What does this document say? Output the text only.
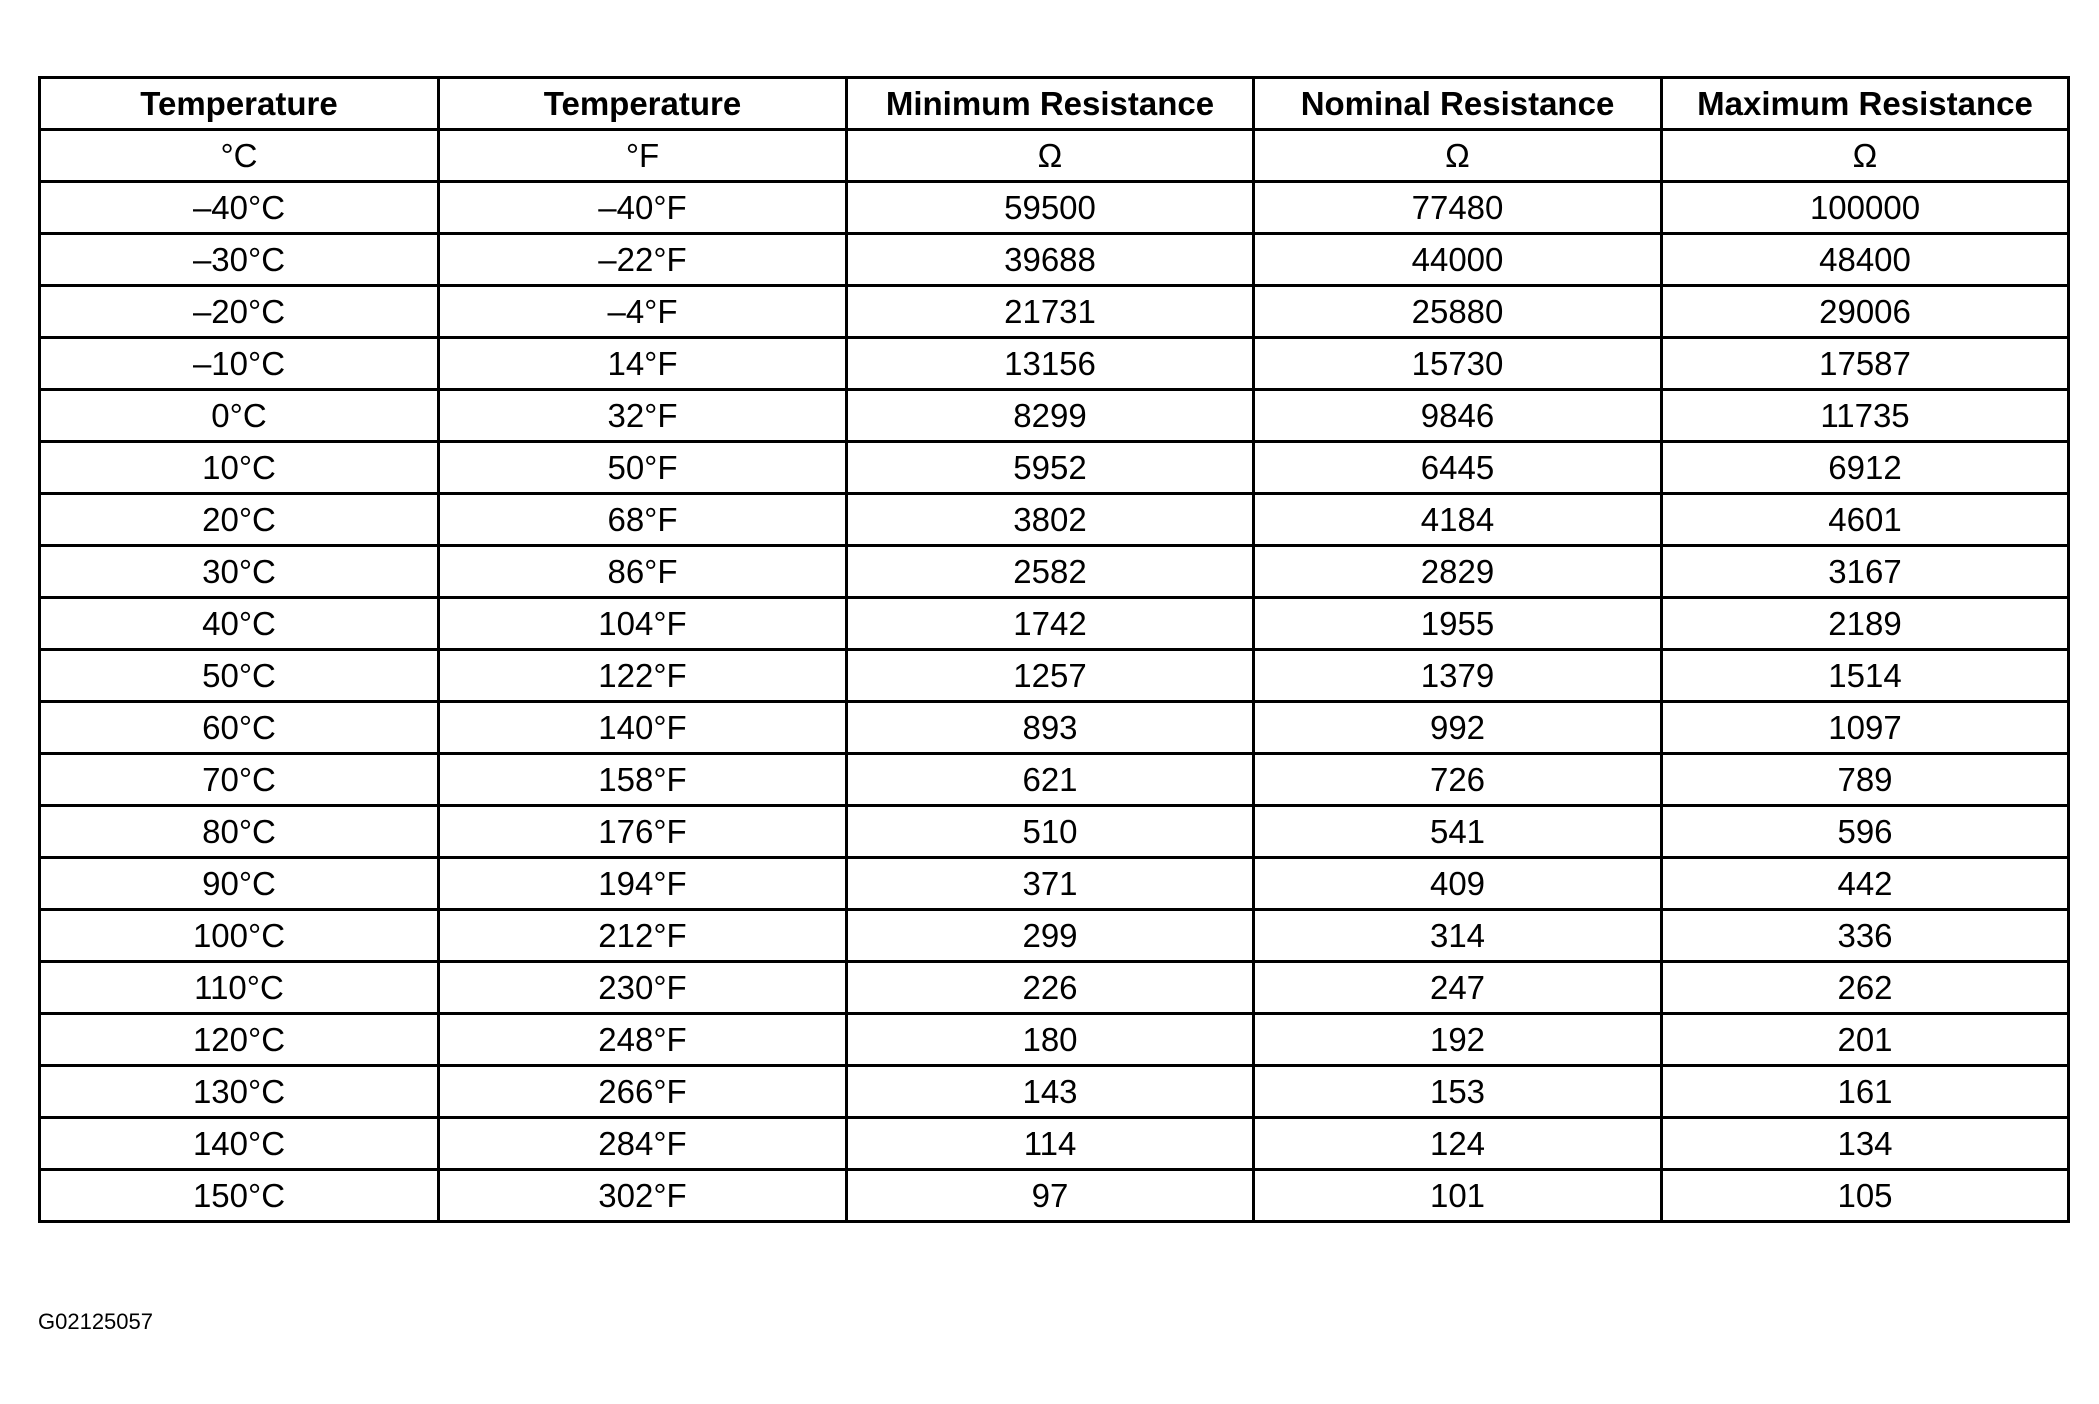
Temperature	Temperature	Minimum Resistance	Nominal Resistance	Maximum Resistance
°C	°F	Ω	Ω	Ω
–40°C	–40°F	59500	77480	100000
–30°C	–22°F	39688	44000	48400
–20°C	–4°F	21731	25880	29006
–10°C	14°F	13156	15730	17587
0°C	32°F	8299	9846	11735
10°C	50°F	5952	6445	6912
20°C	68°F	3802	4184	4601
30°C	86°F	2582	2829	3167
40°C	104°F	1742	1955	2189
50°C	122°F	1257	1379	1514
60°C	140°F	893	992	1097
70°C	158°F	621	726	789
80°C	176°F	510	541	596
90°C	194°F	371	409	442
100°C	212°F	299	314	336
110°C	230°F	226	247	262
120°C	248°F	180	192	201
130°C	266°F	143	153	161
140°C	284°F	114	124	134
150°C	302°F	97	101	105
G02125057
